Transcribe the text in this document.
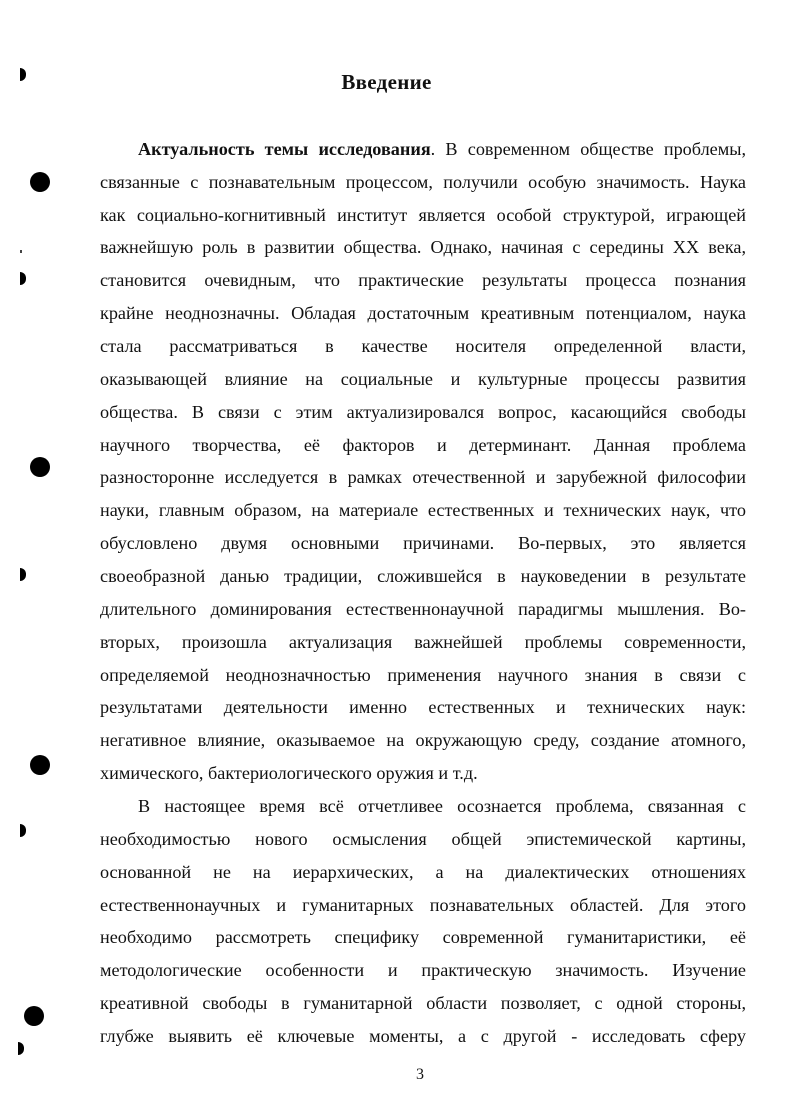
Введение
Актуальность темы исследования. В современном обществе проблемы,
связанные с познавательным процессом, получили особую значимость. Наука
как социально-когнитивный институт является особой структурой, играющей
важнейшую роль в развитии общества. Однако, начиная с середины XX века,
становится очевидным, что практические результаты процесса познания
крайне неоднозначны. Обладая достаточным креативным потенциалом, наука
стала рассматриваться в качестве носителя определенной власти,
оказывающей влияние на социальные и культурные процессы развития
общества. В связи с этим актуализировался вопрос, касающийся свободы
научного творчества, её факторов и детерминант. Данная проблема
разносторонне исследуется в рамках отечественной и зарубежной философии
науки, главным образом, на материале естественных и технических наук, что
обусловлено двумя основными причинами. Во-первых, это является
своеобразной данью традиции, сложившейся в науковедении в результате
длительного доминирования естественнонаучной парадигмы мышления. Во-
вторых, произошла актуализация важнейшей проблемы современности,
определяемой неоднозначностью применения научного знания в связи с
результатами деятельности именно естественных и технических наук:
негативное влияние, оказываемое на окружающую среду, создание атомного,
химического, бактериологического оружия и т.д.
В настоящее время всё отчетливее осознается проблема, связанная с
необходимостью нового осмысления общей эпистемической картины,
основанной не на иерархических, а на диалектических отношениях
естественнонаучных и гуманитарных познавательных областей. Для этого
необходимо рассмотреть специфику современной гуманитаристики, её
методологические особенности и практическую значимость. Изучение
креативной свободы в гуманитарной области позволяет, с одной стороны,
глубже выявить её ключевые моменты, а с другой - исследовать сферу
3
